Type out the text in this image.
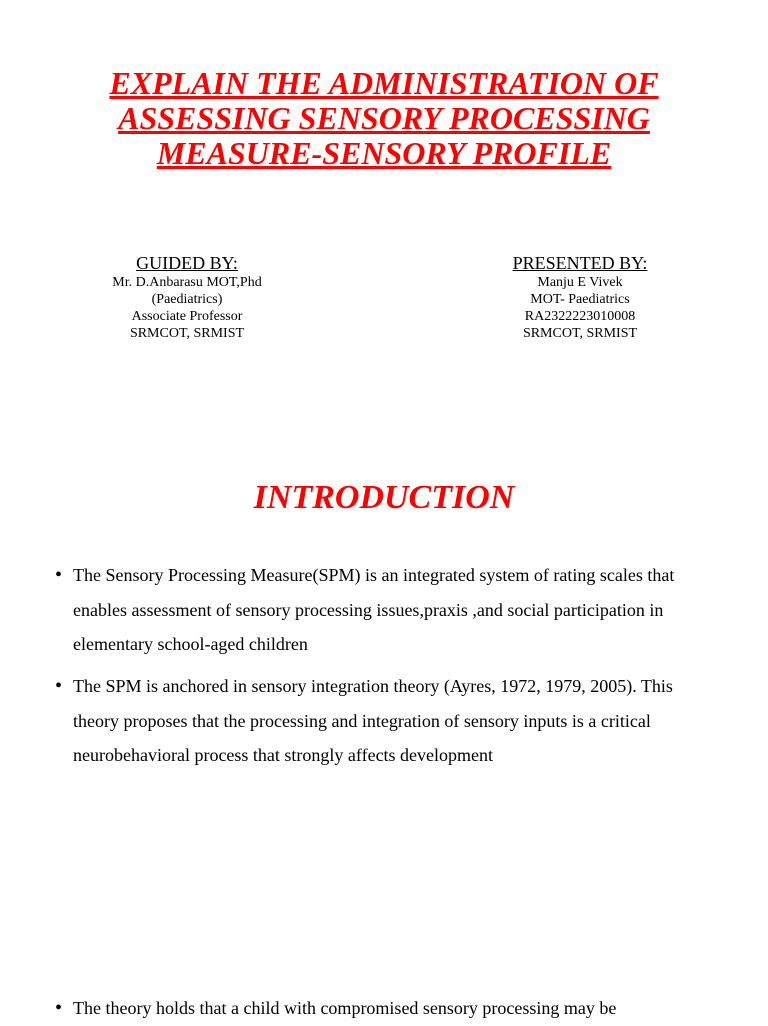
EXPLAIN THE ADMINISTRATION OF
ASSESSING SENSORY PROCESSING
MEASURE-SENSORY PROFILE
GUIDED BY:
Mr. D.Anbarasu MOT,Phd
(Paediatrics)
Associate Professor
SRMCOT, SRMIST
PRESENTED BY:
Manju E Vivek
MOT- Paediatrics
RA2322223010008
SRMCOT, SRMIST
INTRODUCTION
• The Sensory Processing Measure(SPM) is an integrated system of rating scales that enables assessment of sensory processing issues,praxis ,and social participation in elementary school-aged children
• The SPM is anchored in sensory integration theory (Ayres, 1972, 1979, 2005). This theory proposes that the processing and integration of sensory inputs is a critical neurobehavioral process that strongly affects development
• The theory holds that a child with compromised sensory processing may be
